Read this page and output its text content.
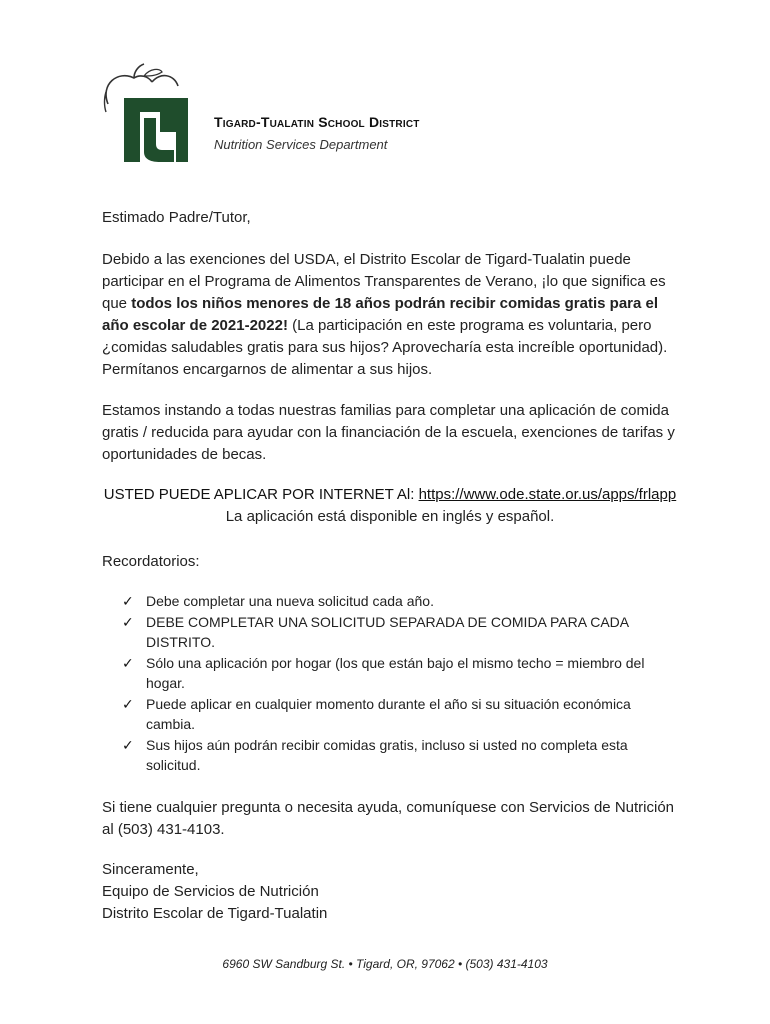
Tigard-Tualatin School District
Nutrition Services Department
Estimado Padre/Tutor,
Debido a las exenciones del USDA, el Distrito Escolar de Tigard-Tualatin puede participar en el Programa de Alimentos Transparentes de Verano, ¡lo que significa es que todos los niños menores de 18 años podrán recibir comidas gratis para el año escolar de 2021-2022! (La participación en este programa es voluntaria, pero ¿comidas saludables gratis para sus hijos? Aprovecharía esta increíble oportunidad). Permítanos encargarnos de alimentar a sus hijos.
Estamos instando a todas nuestras familias para completar una aplicación de comida gratis / reducida para ayudar con la financiación de la escuela, exenciones de tarifas y oportunidades de becas.
USTED PUEDE APLICAR POR INTERNET Al: https://www.ode.state.or.us/apps/frlapp
La aplicación está disponible en inglés y español.
Recordatorios:
✓ Debe completar una nueva solicitud cada año.
✓ DEBE COMPLETAR UNA SOLICITUD SEPARADA DE COMIDA PARA CADA DISTRITO.
✓ Sólo una aplicación por hogar (los que están bajo el mismo techo = miembro del hogar.
✓ Puede aplicar en cualquier momento durante el año si su situación económica cambia.
✓ Sus hijos aún podrán recibir comidas gratis, incluso si usted no completa esta solicitud.
Si tiene cualquier pregunta o necesita ayuda, comuníquese con Servicios de Nutrición al (503) 431-4103.
Sinceramente,
Equipo de Servicios de Nutrición
Distrito Escolar de Tigard-Tualatin
6960 SW Sandburg St. • Tigard, OR, 97062 • (503) 431-4103
